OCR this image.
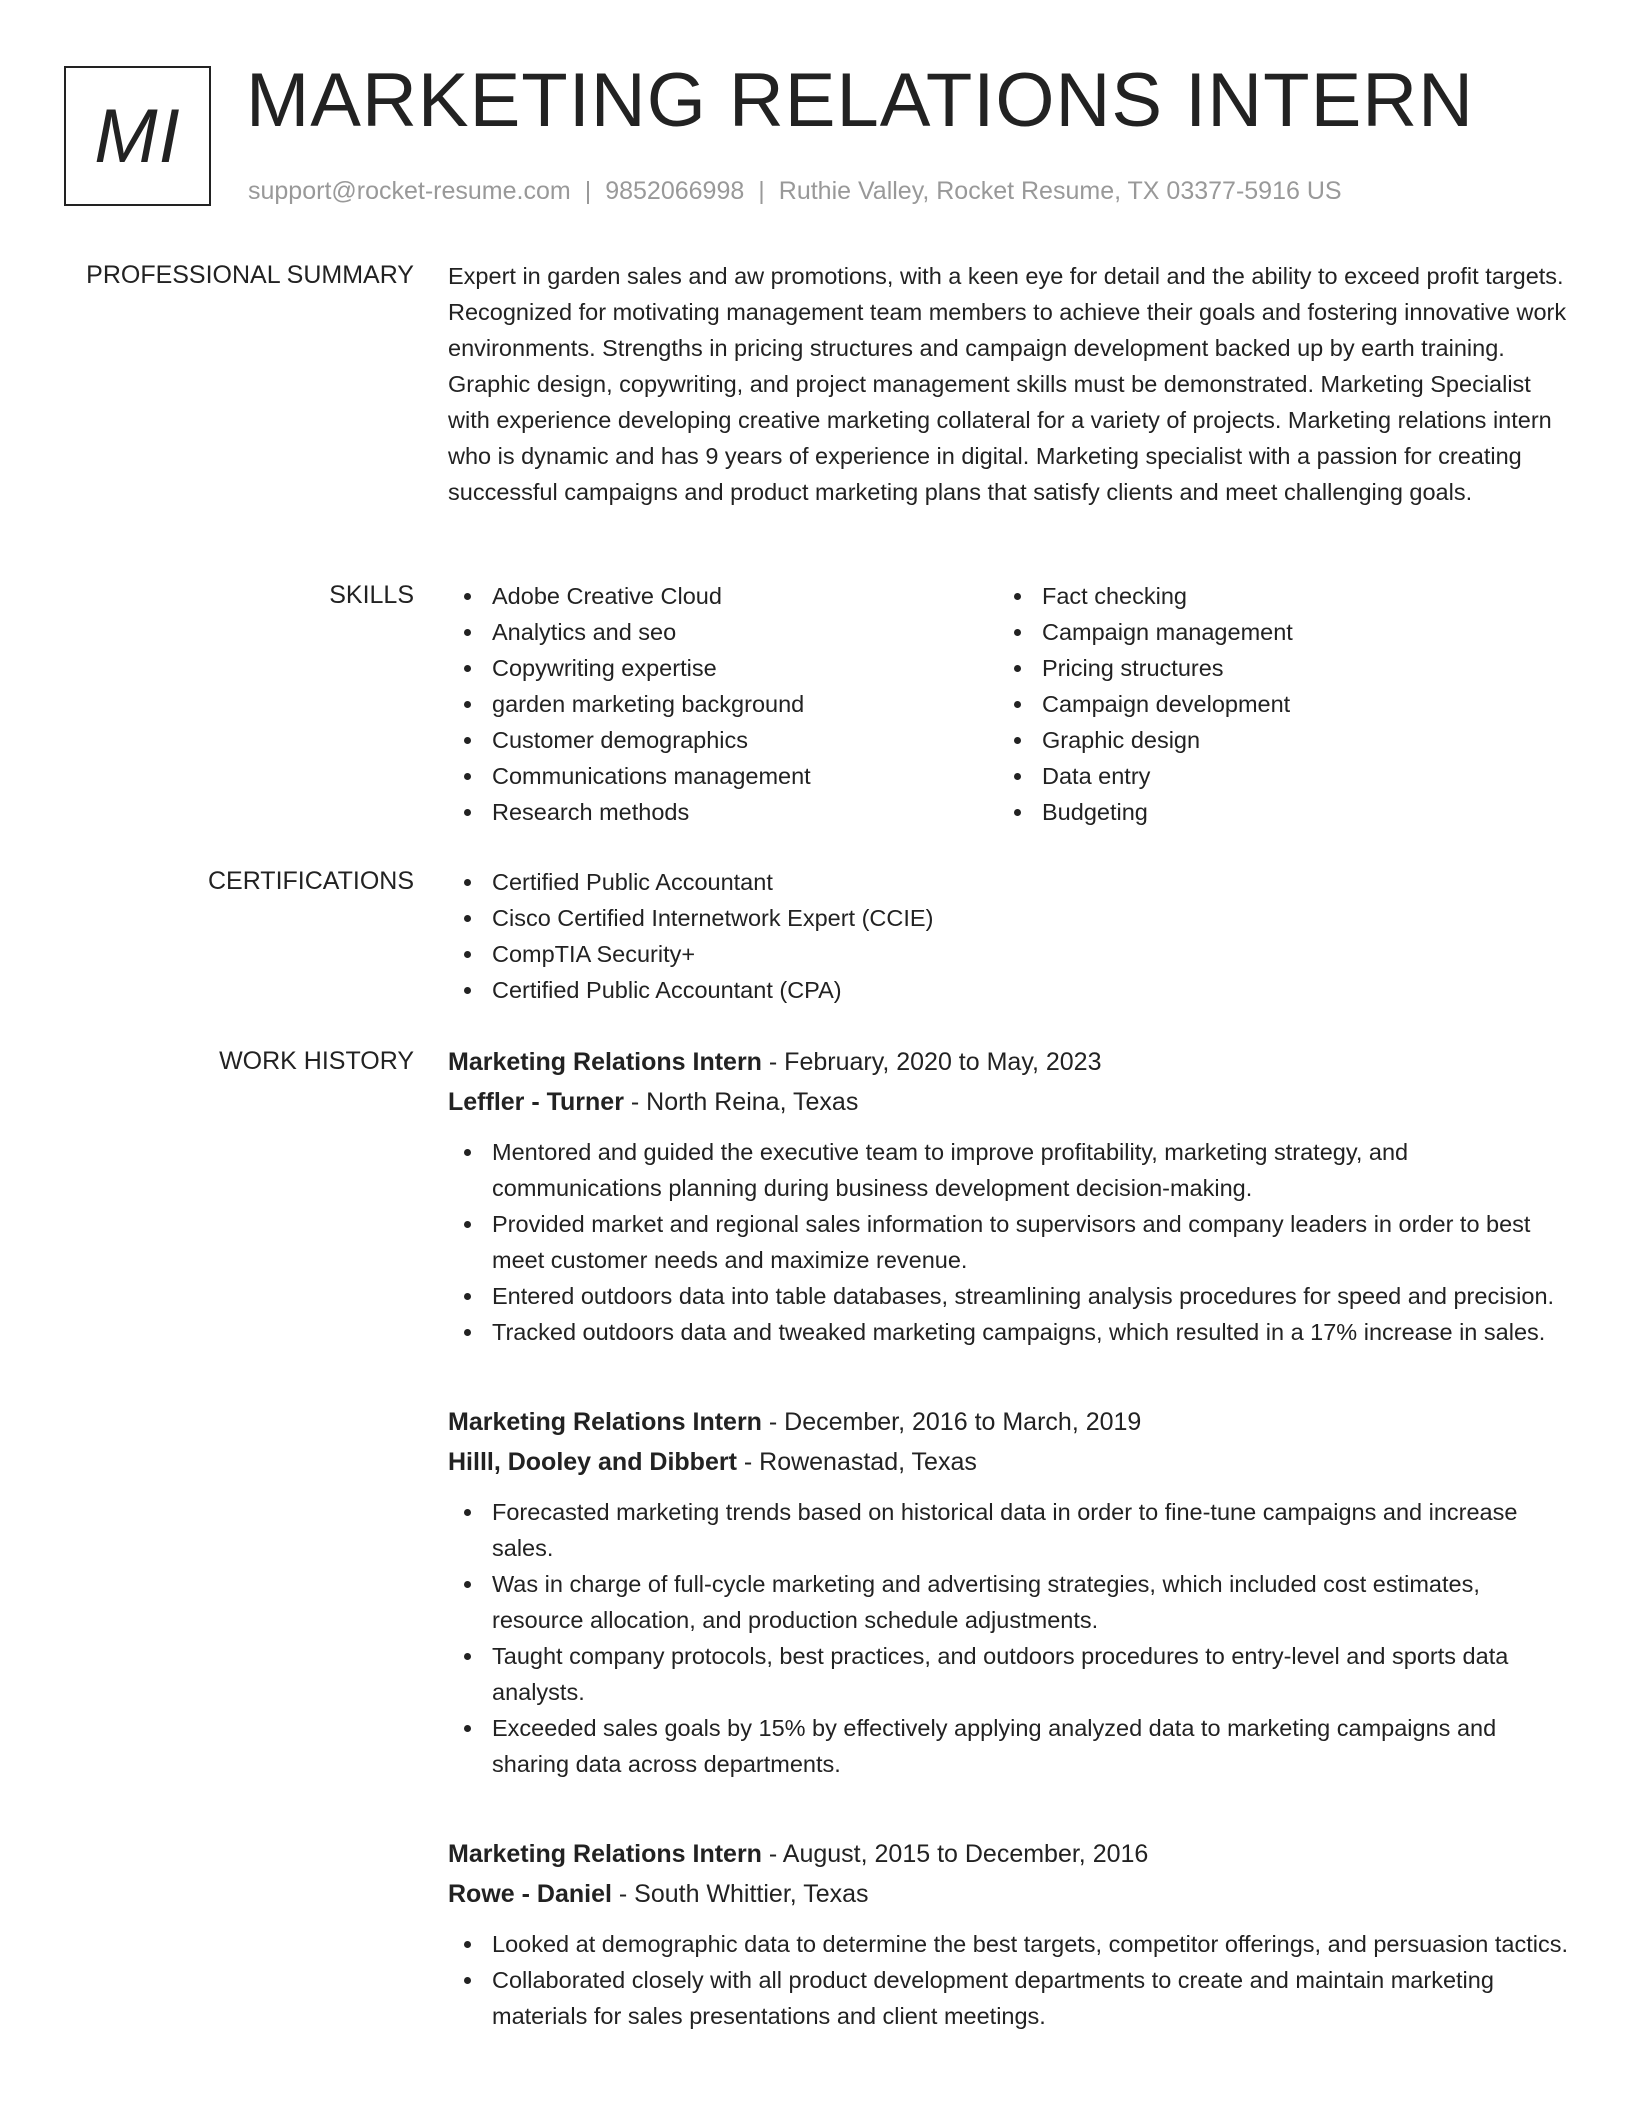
MI MARKETING RELATIONS INTERN
support@rocket-resume.com | 9852066998 | Ruthie Valley, Rocket Resume, TX 03377-5916 US
PROFESSIONAL SUMMARY Expert in garden sales and aw promotions, with a keen eye for detail and the ability to exceed profit targets. Recognized for motivating management team members to achieve their goals and fostering innovative work environments. Strengths in pricing structures and campaign development backed up by earth training. Graphic design, copywriting, and project management skills must be demonstrated. Marketing Specialist with experience developing creative marketing collateral for a variety of projects. Marketing relations intern who is dynamic and has 9 years of experience in digital. Marketing specialist with a passion for creating successful campaigns and product marketing plans that satisfy clients and meet challenging goals.

SKILLS	Adobe Creative Cloud
Analytics and seo
Copywriting expertise
garden marketing background
Customer demographics
Communications management
Research methods
Fact checking
Campaign management
Pricing structures
Campaign development
Graphic design
Data entry
Budgeting
CERTIFICATIONS	Certified Public Accountant
Cisco Certified Internetwork Expert (CCIE)
CompTIA Security+
Certified Public Accountant (CPA)
WORK HISTORY Marketing Relations Intern - February, 2020 to May, 2023
Leffler - Turner - North Reina, Texas
Mentored and guided the executive team to improve profitability, marketing strategy, and communications planning during business development decision-making.
Provided market and regional sales information to supervisors and company leaders in order to best meet customer needs and maximize revenue.
Entered outdoors data into table databases, streamlining analysis procedures for speed and precision.
Tracked outdoors data and tweaked marketing campaigns, which resulted in a 17% increase in sales.
Marketing Relations Intern - December, 2016 to March, 2019
Hilll, Dooley and Dibbert - Rowenastad, Texas
Forecasted marketing trends based on historical data in order to fine-tune campaigns and increase sales.
Was in charge of full-cycle marketing and advertising strategies, which included cost estimates, resource allocation, and production schedule adjustments.
Taught company protocols, best practices, and outdoors procedures to entry-level and sports data analysts.
Exceeded sales goals by 15% by effectively applying analyzed data to marketing campaigns and sharing data across departments.
Marketing Relations Intern - August, 2015 to December, 2016
Rowe - Daniel - South Whittier, Texas
Looked at demographic data to determine the best targets, competitor offerings, and persuasion tactics.
Collaborated closely with all product development departments to create and maintain marketing materials for sales presentations and client meetings.
